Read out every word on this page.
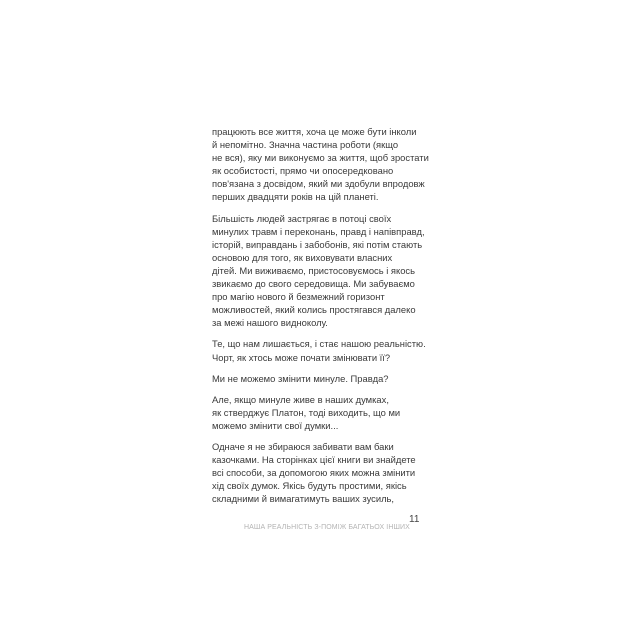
працюють все життя, хоча це може бути інколи
й непомітно. Значна частина роботи (якщо
не вся), яку ми виконуємо за життя, щоб зростати
як особистості, прямо чи опосередковано
пов'язана з досвідом, який ми здобули впродовж
перших двадцяти років на цій планеті.

Більшість людей застрягає в потоці своїх
минулих травм і переконань, правд і напівправд,
історій, виправдань і забобонів, які потім стають
основою для того, як виховувати власних
дітей. Ми виживаємо, пристосовуємось і якось
звикаємо до свого середовища. Ми забуваємо
про магію нового й безмежний горизонт
можливостей, який колись простягався далеко
за межі нашого видноколу.

Те, що нам лишається, і стає нашою реальністю.
Чорт, як хтось може почати змінювати її?

Ми не можемо змінити минуле. Правда?

Але, якщо минуле живе в наших думках,
як стверджує Платон, тоді виходить, що ми
можемо змінити свої думки...

Одначе я не збираюся забивати вам баки
казочками. На сторінках цієї книги ви знайдете
всі способи, за допомогою яких можна змінити
хід своїх думок. Якісь будуть простими, якісь
складними й вимагатимуть ваших зусиль,

НАША РЕАЛЬНІСТЬ З-ПОМІЖ БАГАТЬОХ ІНШИХ
11
